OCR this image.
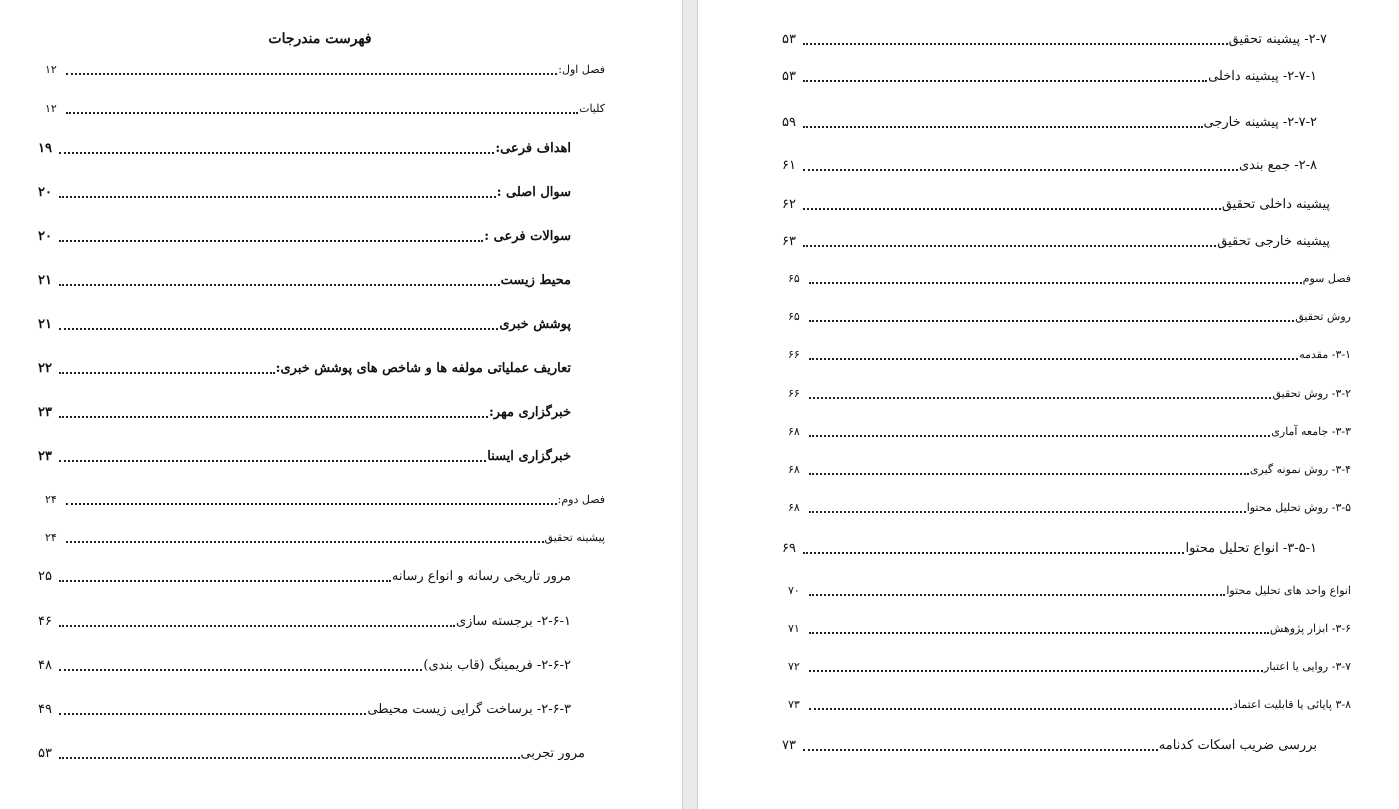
فهرست مندرجات
فصل اول:
۱۲
کلیات
۱۲
اهداف فرعی:
۱۹
سوال اصلی :
۲۰
سوالات فرعی :
۲۰
محیط زیست
۲۱
پوشش خبری
۲۱
تعاریف عملیاتی مولفه ها و شاخص های پوشش خبری:
۲۲
خبرگزاری مهر:
۲۳
خبرگزاری ایسنا
۲۳
فصل دوم:
۲۴
پیشینه تحقیق
۲۴
مرور تاریخی رسانه و انواع رسانه
۲۵
۲-۶-۱- برجسته سازی
۴۶
۲-۶-۲- فریمینگ (قاب بندی)
۴۸
۲-۶-۳- برساخت گرایی زیست محیطی
۴۹
مرور تجربی
۵۳
۲-۷- پیشینه تحقیق
۵۳
۲-۷-۱- پیشینه داخلی
۵۳
۲-۷-۲- پیشینه خارجی
۵۹
۲-۸- جمع بندی
۶۱
پیشینه داخلی تحقیق
۶۲
پیشینه خارجی تحقیق
۶۳
فصل سوم
۶۵
روش تحقیق
۶۵
۳-۱- مقدمه
۶۶
۳-۲- روش تحقیق
۶۶
۳-۳- جامعه آماری
۶۸
۳-۴- روش نمونه گیری
۶۸
۳-۵- روش تحلیل محتوا
۶۸
۳-۵-۱- انواع تحلیل محتوا
۶۹
انواع واحد های تحلیل محتوا
۷۰
۳-۶- ابزار پژوهش
۷۱
۳-۷- روایی یا اعتبار
۷۲
۳-۸ پایائی یا قابلیت اعتماد
۷۳
بررسی ضریب اسکات کدنامه
۷۳
